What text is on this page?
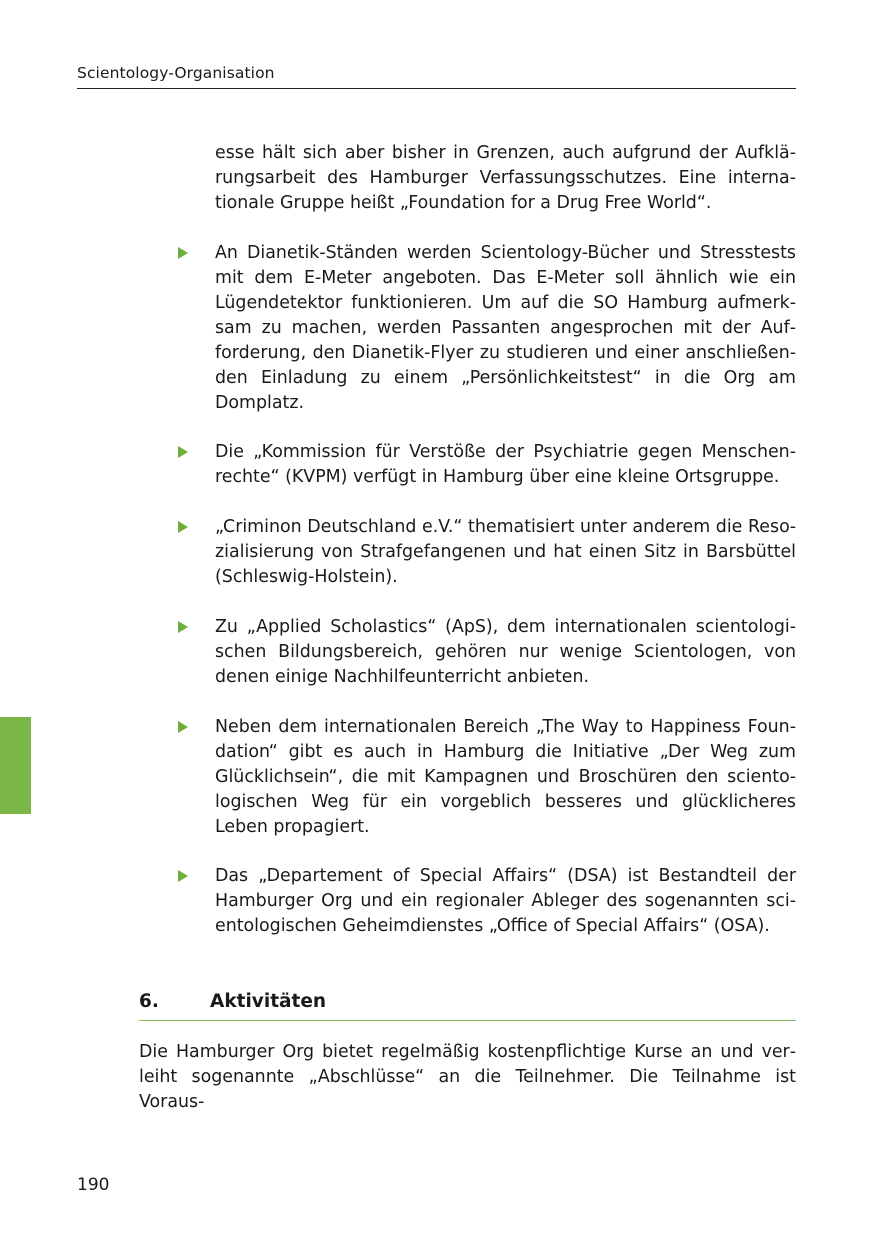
Scientology-Organisation

esse hält sich aber bisher in Grenzen, auch aufgrund der Aufklärungsarbeit des Hamburger Verfassungsschutzes. Eine internationale Gruppe heißt „Foundation for a Drug Free World“.

An Dianetik-Ständen werden Scientology-Bücher und Stresstests mit dem E-Meter angeboten. Das E-Meter soll ähnlich wie ein Lügendetektor funktionieren. Um auf die SO Hamburg aufmerksam zu machen, werden Passanten angesprochen mit der Aufforderung, den Dianetik-Flyer zu studieren und einer anschließenden Einladung zu einem „Persönlichkeitstest“ in die Org am Domplatz.

Die „Kommission für Verstöße der Psychiatrie gegen Menschenrechte“ (KVPM) verfügt in Hamburg über eine kleine Ortsgruppe.

„Criminon Deutschland e.V.“ thematisiert unter anderem die Resozialisierung von Strafgefangenen und hat einen Sitz in Barsbüttel (Schleswig-Holstein).

Zu „Applied Scholastics“ (ApS), dem internationalen scientologischen Bildungsbereich, gehören nur wenige Scientologen, von denen einige Nachhilfeunterricht anbieten.

Neben dem internationalen Bereich „The Way to Happiness Foundation“ gibt es auch in Hamburg die Initiative „Der Weg zum Glücklichsein“, die mit Kampagnen und Broschüren den scientologischen Weg für ein vorgeblich besseres und glücklicheres Leben propagiert.

Das „Departement of Special Affairs“ (DSA) ist Bestandteil der Hamburger Org und ein regionaler Ableger des sogenannten scientologischen Geheimdienstes „Office of Special Affairs“ (OSA).

6.	Aktivitäten

Die Hamburger Org bietet regelmäßig kostenpflichtige Kurse an und verleiht sogenannte „Abschlüsse“ an die Teilnehmer. Die Teilnahme ist Voraus-

190
